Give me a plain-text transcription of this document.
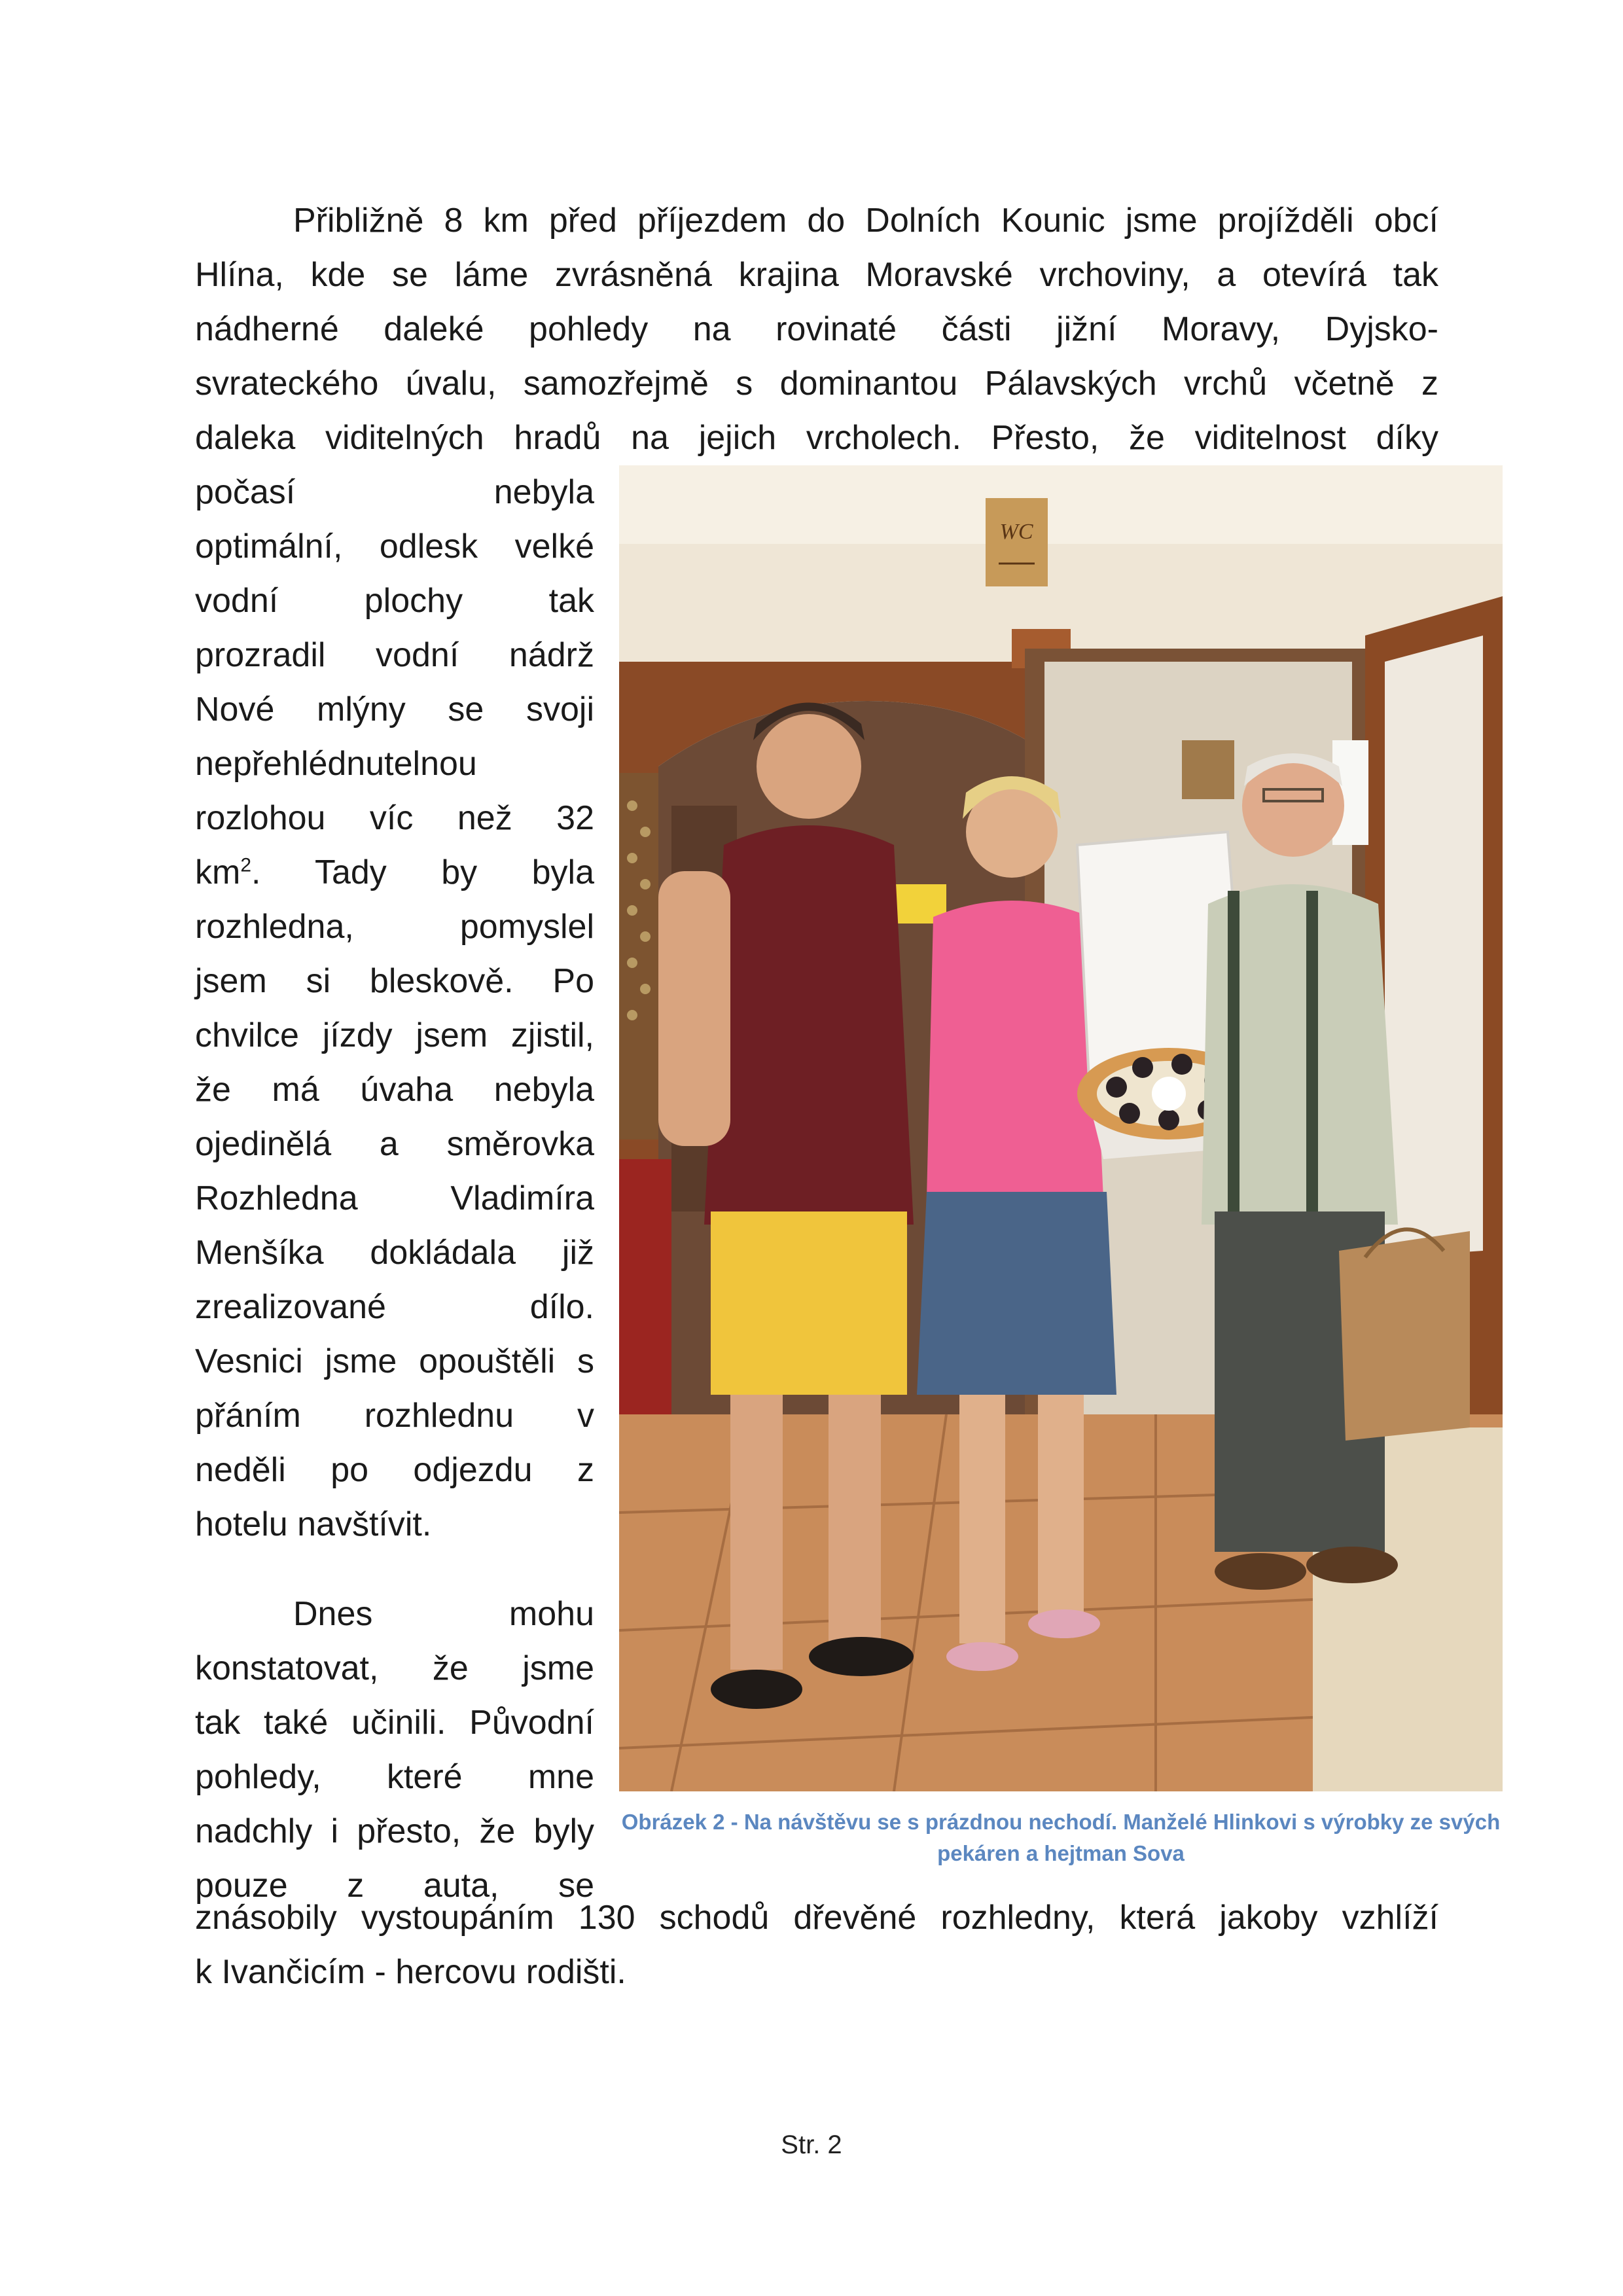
Přibližně 8 km před příjezdem do Dolních Kounic jsme projížděli obcí
Hlína, kde se láme zvrásněná krajina Moravské vrchoviny, a otevírá tak
nádherné daleké pohledy na rovinaté části jižní Moravy, Dyjsko-
svrateckého úvalu, samozřejmě s dominantou Pálavských vrchů včetně z
daleka viditelných hradů na jejich vrcholech. Přesto, že viditelnost díky
počasí nebyla
optimální, odlesk velké
vodní plochy tak
prozradil vodní nádrž
Nové mlýny se svoji
nepřehlédnutelnou
rozlohou víc než 32
$km^2$. Tady by byla
rozhledna, pomyslel
jsem si bleskově. Po
chvilce jízdy jsem zjistil,
že má úvaha nebyla
ojedinělá a směrovka
Rozhledna Vladimíra
Menšíka dokládala již
zrealizované dílo.
Vesnici jsme opouštěli s
přáním rozhlednu v
neděli po odjezdu z
hotelu navštívit.
Dnes mohu
konstatovat, že jsme
tak také učinili. Původní
pohledy, které mne
nadchly i přesto, že byly
pouze z auta, se
znásobily vystoupáním 130 schodů dřevěné rozhledny, která jakoby vzhlíží
k Ivančicím - hercovu rodišti.
WC
Obrázek 2 - Na návštěvu se s prázdnou nechodí. Manželé Hlinkovi s výrobky ze svých
pekáren a hejtman Sova
Str. 2
